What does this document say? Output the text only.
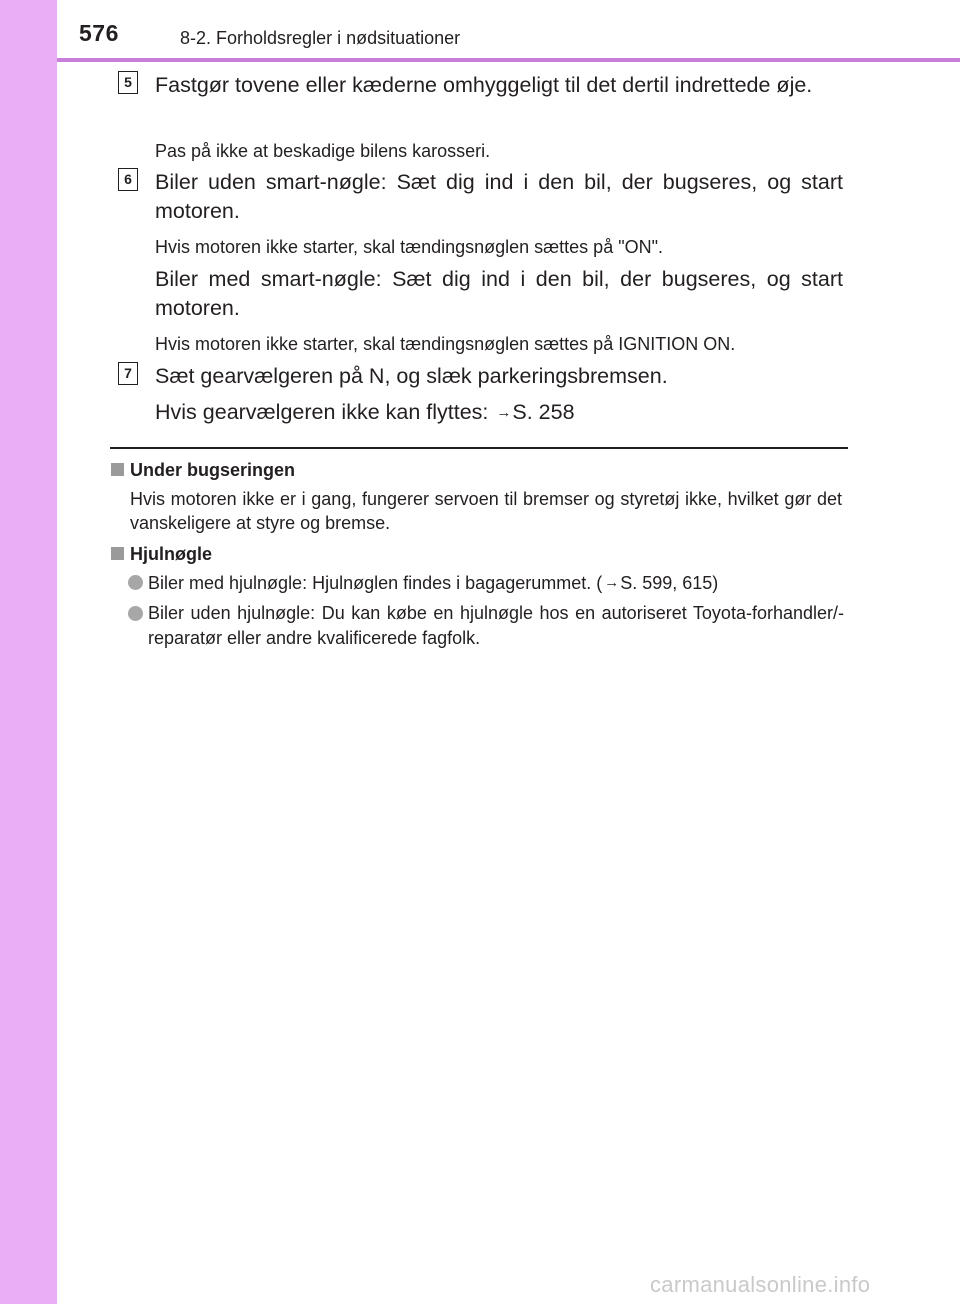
576	8-2. Forholdsregler i nødsituationer
5 Fastgør tovene eller kæderne omhyggeligt til det dertil indrettede øje.
Pas på ikke at beskadige bilens karosseri.
6 Biler uden smart-nøgle: Sæt dig ind i den bil, der bugseres, og start motoren.
Hvis motoren ikke starter, skal tændingsnøglen sættes på "ON".
Biler med smart-nøgle: Sæt dig ind i den bil, der bugseres, og start motoren.
Hvis motoren ikke starter, skal tændingsnøglen sættes på IGNITION ON.
7 Sæt gearvælgeren på N, og slæk parkeringsbremsen.
Hvis gearvælgeren ikke kan flyttes: →S. 258
Under bugseringen
Hvis motoren ikke er i gang, fungerer servoen til bremser og styretøj ikke, hvilket gør det vanskeligere at styre og bremse.
Hjulnøgle
Biler med hjulnøgle: Hjulnøglen findes i bagagerummet. ( →S. 599, 615)
Biler uden hjulnøgle: Du kan købe en hjulnøgle hos en autoriseret Toyota-forhandler/-reparatør eller andre kvalificerede fagfolk.
carmanualsonline.info
